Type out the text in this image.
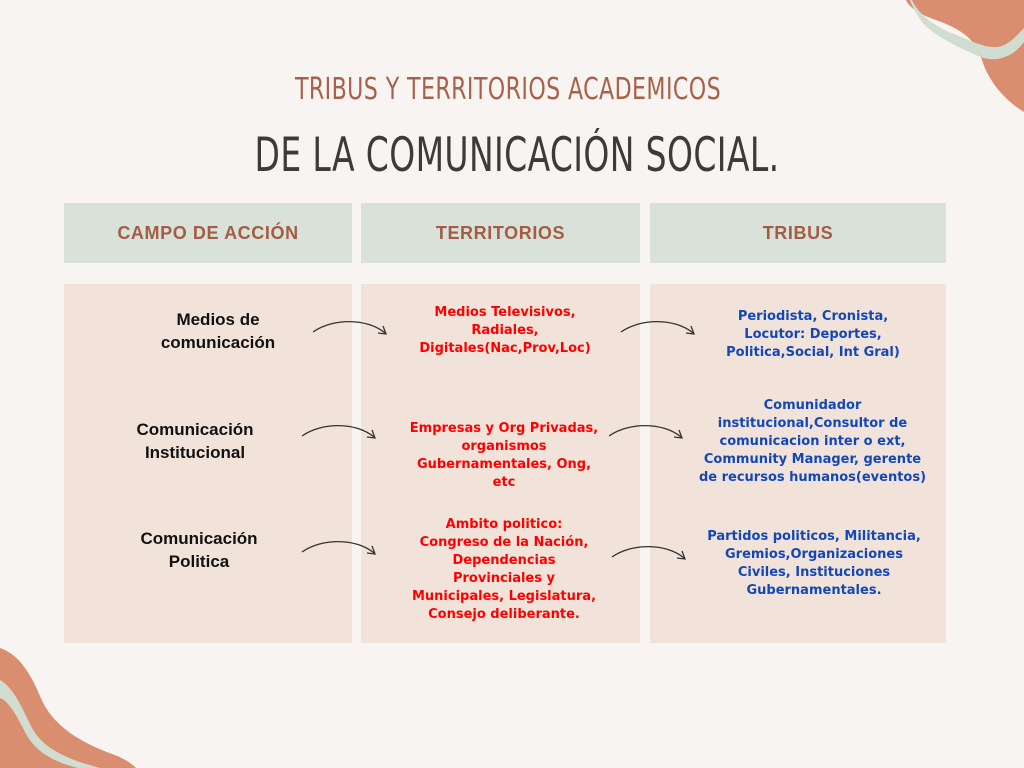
TRIBUS Y TERRITORIOS ACADEMICOS
DE LA COMUNICACIÓN SOCIAL.
CAMPO DE ACCIÓN	TERRITORIOS	TRIBUS
Medios de
comunicación
Medios Televisivos,
Radiales,
Digitales(Nac,Prov,Loc)
Periodista, Cronista,
Locutor: Deportes,
Politica,Social, Int Gral)
Comunicación
Institucional
Empresas y Org Privadas,
organismos
Gubernamentales, Ong,
etc
Comunidador
institucional,Consultor de
comunicacion inter o ext,
Community Manager, gerente
de recursos humanos(eventos)
Comunicación
Politica
Ambito politico:
Congreso de la Nación,
Dependencias
Provinciales y
Municipales, Legislatura,
Consejo deliberante.
Partidos politicos, Militancia,
Gremios,Organizaciones
Civiles, Instituciones
Gubernamentales.
